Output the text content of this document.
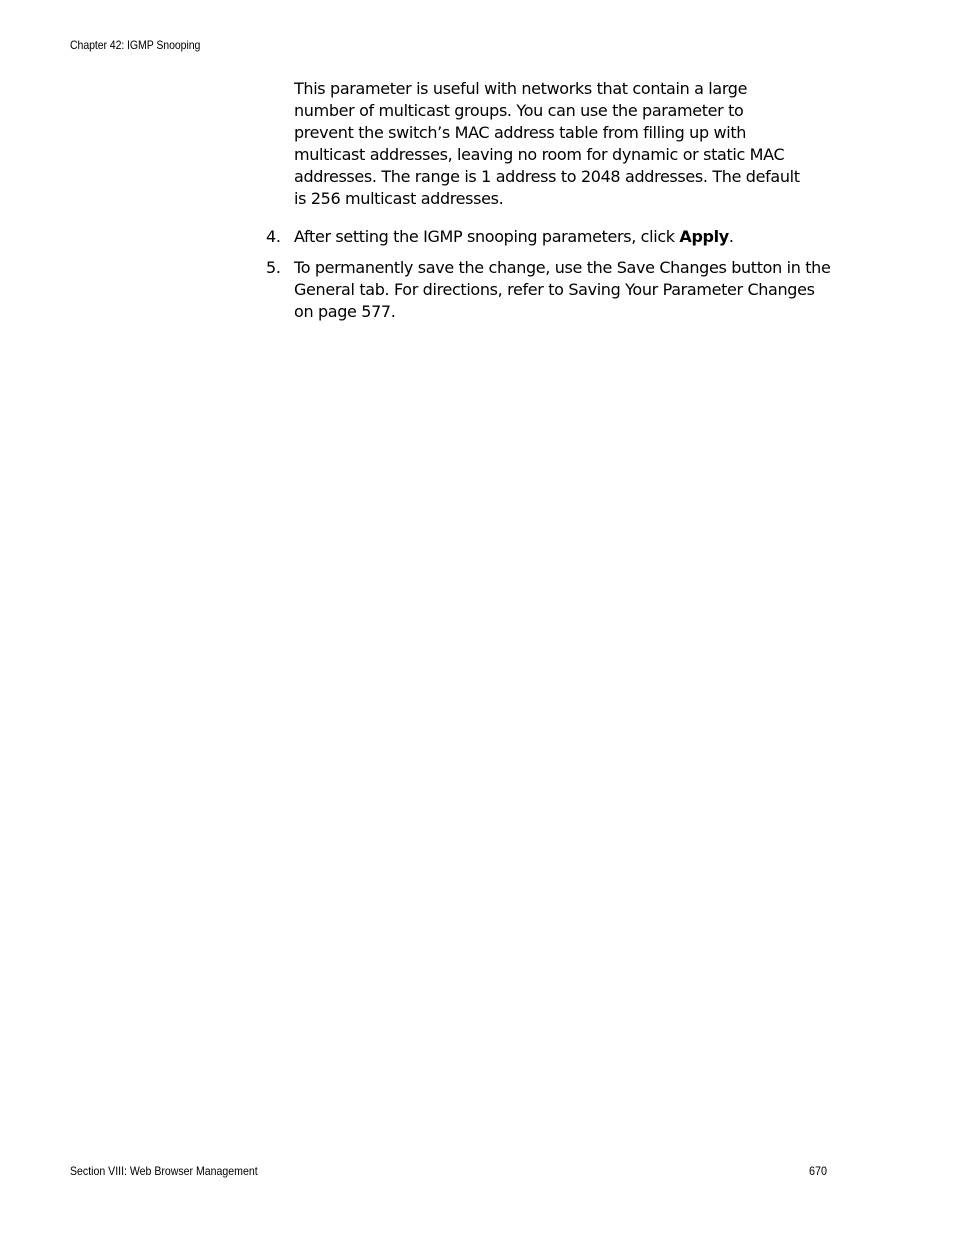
Chapter 42: IGMP Snooping

This parameter is useful with networks that contain a large number of multicast groups. You can use the parameter to prevent the switch’s MAC address table from filling up with multicast addresses, leaving no room for dynamic or static MAC addresses. The range is 1 address to 2048 addresses. The default is 256 multicast addresses.

4. After setting the IGMP snooping parameters, click Apply.
5. To permanently save the change, use the Save Changes button in the General tab. For directions, refer to Saving Your Parameter Changes on page 577.
Section VIII: Web Browser Management	670
